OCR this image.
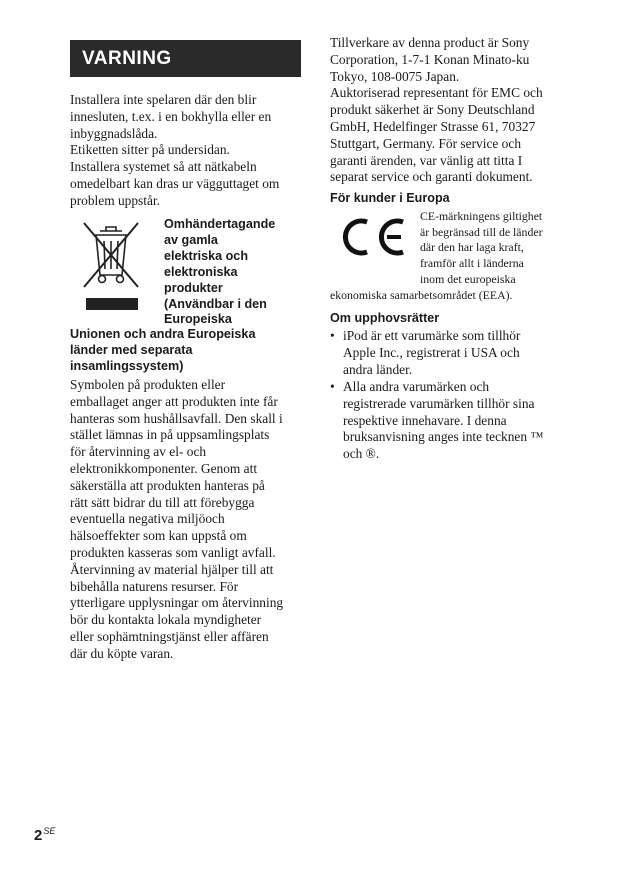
VARNING

Installera inte spelaren där den blir
innesluten, t.ex. i en bokhylla eller en
inbyggnadslåda.
Etiketten sitter på undersidan.
Installera systemet så att nätkabeln
omedelbart kan dras ur vägguttaget om
problem uppstår.

Omhändertagande
av gamla
elektriska och
elektroniska
produkter
(Användbar i den
Europeiska

Unionen och andra Europeiska
länder med separata
insamlingssystem)

Symbolen på produkten eller
emballaget anger att produkten inte får
hanteras som hushållsavfall. Den skall i
stället lämnas in på uppsamlingsplats
för återvinning av el- och
elektronikkomponenter. Genom att
säkerställa att produkten hanteras på
rätt sätt bidrar du till att förebygga
eventuella negativa miljöoch
hälsoeffekter som kan uppstå om
produkten kasseras som vanligt avfall.
Återvinning av material hjälper till att
bibehålla naturens resurser. För
ytterligare upplysningar om återvinning
bör du kontakta lokala myndigheter
eller sophämtningstjänst eller affären
där du köpte varan.

Tillverkare av denna product är Sony
Corporation, 1-7-1 Konan Minato-ku
Tokyo, 108-0075 Japan.
Auktoriserad representant för EMC och
produkt säkerhet är Sony Deutschland
GmbH, Hedelfinger Strasse 61, 70327
Stuttgart, Germany. För service och
garanti ärenden, var vänlig att titta I
separat service och garanti dokument.

För kunder i Europa

CE-märkningens giltighet
är begränsad till de länder
där den har laga kraft,
framför allt i länderna
inom det europeiska

ekonomiska samarbetsområdet (EEA).

Om upphovsrätter

• iPod är ett varumärke som tillhör
Apple Inc., registrerat i USA och
andra länder.
• Alla andra varumärken och
registrerade varumärken tillhör sina
respektive innehavare. I denna
bruksanvisning anges inte tecknen ™
och ®.
$2^{SE}$
